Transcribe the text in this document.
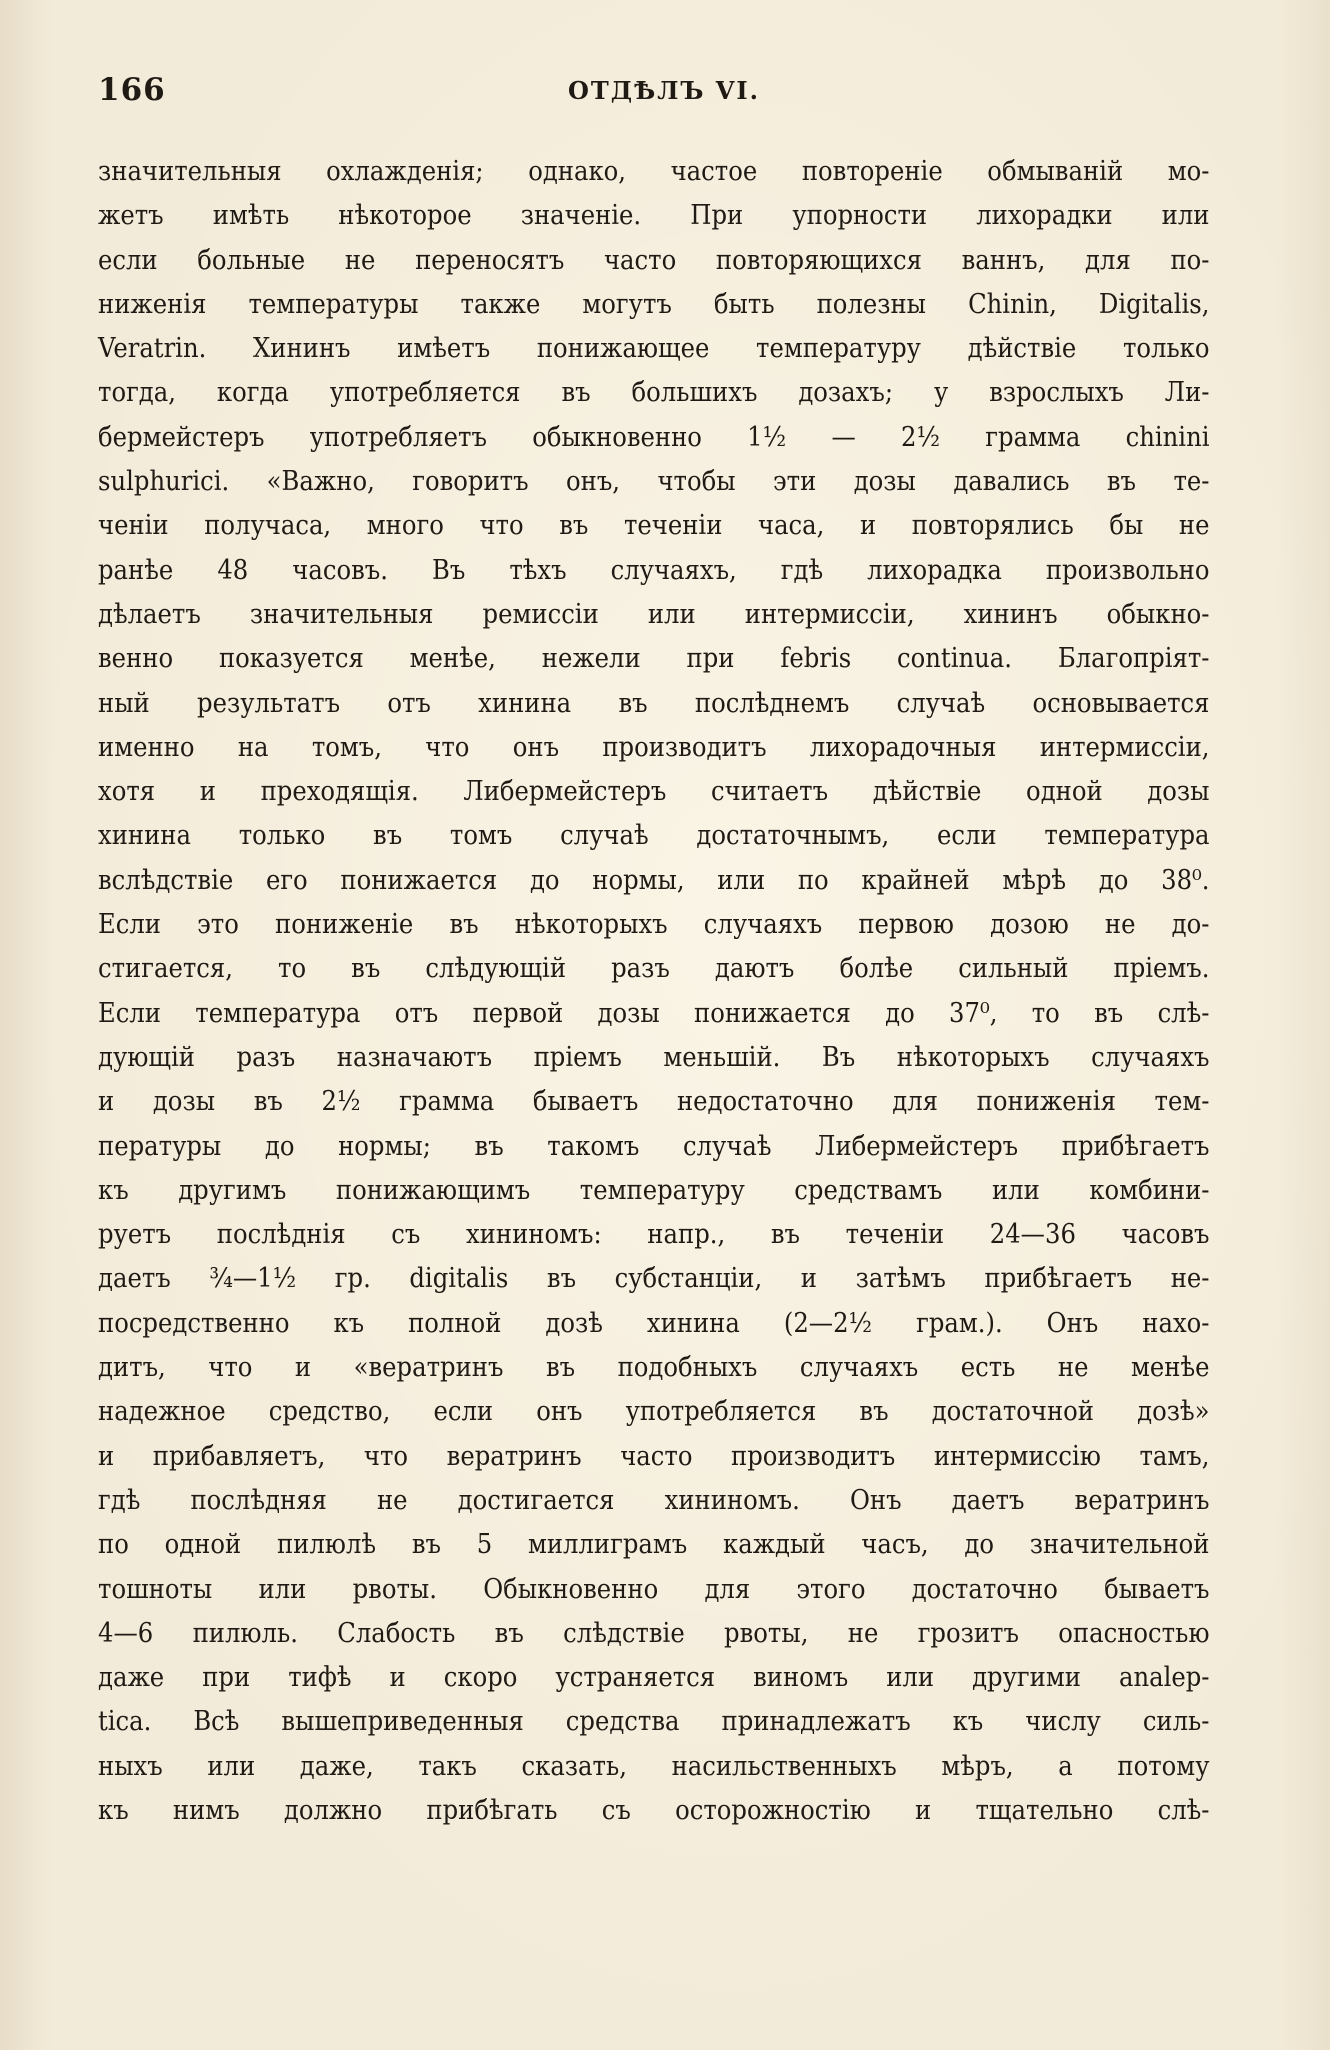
166	ОТДѢЛЪ VI.
значительныя охлажденія; однако, частое повтореніе обмываній мо-
жетъ имѣть нѣкоторое значеніе. При упорности лихорадки или
если больные не переносятъ часто повторяющихся ваннъ, для по-
ниженія температуры также могутъ быть полезны Chinin, Digitalis,
Veratrin. Хининъ имѣетъ понижающее температуру дѣйствіе только
тогда, когда употребляется въ большихъ дозахъ; у взрослыхъ Ли-
бермейстеръ употребляетъ обыкновенно 1½ — 2½ грамма chinini
sulphurici. «Важно, говоритъ онъ, чтобы эти дозы давались въ те-
ченіи получаса, много что въ теченіи часа, и повторялись бы не
ранѣе 48 часовъ. Въ тѣхъ случаяхъ, гдѣ лихорадка произвольно
дѣлаетъ значительныя ремиссіи или интермиссіи, хининъ обыкно-
венно показуется менѣе, нежели при febris continua. Благопріят-
ный результатъ отъ хинина въ послѣднемъ случаѣ основывается
именно на томъ, что онъ производитъ лихорадочныя интермиссіи,
хотя и преходящія. Либермейстеръ считаетъ дѣйствіе одной дозы
хинина только въ томъ случаѣ достаточнымъ, если температура
вслѣдствіе его понижается до нормы, или по крайней мѣрѣ до 38⁰.
Если это пониженіе въ нѣкоторыхъ случаяхъ первою дозою не до-
стигается, то въ слѣдующій разъ даютъ болѣе сильный пріемъ.
Если температура отъ первой дозы понижается до 37⁰, то въ слѣ-
дующій разъ назначаютъ пріемъ меньшій. Въ нѣкоторыхъ случаяхъ
и дозы въ 2½ грамма бываетъ недостаточно для пониженія тем-
пературы до нормы; въ такомъ случаѣ Либермейстеръ прибѣгаетъ
къ другимъ понижающимъ температуру средствамъ или комбини-
руетъ послѣднія съ хининомъ: напр., въ теченіи 24—36 часовъ
даетъ ¾—1½ гр. digitalis въ субстанціи, и затѣмъ прибѣгаетъ не-
посредственно къ полной дозѣ хинина (2—2½ грам.). Онъ нахо-
дитъ, что и «вератринъ въ подобныхъ случаяхъ есть не менѣе
надежное средство, если онъ употребляется въ достаточной дозѣ»
и прибавляетъ, что вератринъ часто производитъ интермиссію тамъ,
гдѣ послѣдняя не достигается хининомъ. Онъ даетъ вератринъ
по одной пилюлѣ въ 5 миллиграмъ каждый часъ, до значительной
тошноты или рвоты. Обыкновенно для этого достаточно бываетъ
4—6 пилюль. Слабость въ слѣдствіе рвоты, не грозитъ опасностью
даже при тифѣ и скоро устраняется виномъ или другими analep-
tica. Всѣ вышеприведенныя средства принадлежатъ къ числу силь-
ныхъ или даже, такъ сказать, насильственныхъ мѣръ, а потому
къ нимъ должно прибѣгать съ осторожностію и тщательно слѣ-
